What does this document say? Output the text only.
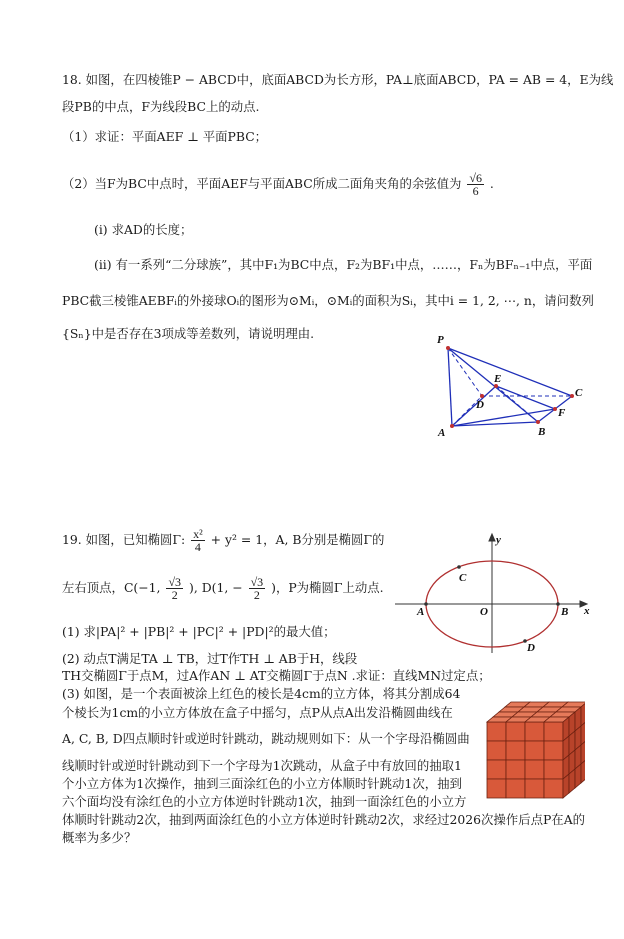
18. 如图，在四棱锥P − ABCD中，底面ABCD为长方形，PA⊥底面ABCD，PA = AB = 4，E为线
段PB的中点，F为线段BC上的动点.
（1）求证：平面AEF ⊥ 平面PBC；
（2）当F为BC中点时，平面AEF与平面ABC所成二面角夹角的余弦值为 $\frac{√6}{6}$ .
(i) 求AD的长度；
(ii) 有一系列“二分球族”，其中F₁为BC中点，F₂为BF₁中点，……，Fₙ为BFₙ₋₁中点，平面
PBC截三棱锥AEBFᵢ的外接球Oᵢ的图形为⊙Mᵢ，⊙Mᵢ的面积为Sᵢ，其中i = 1, 2, ⋯, n，请问数列
{Sₙ}中是否存在3项成等差数列，请说明理由.	P
E
D
C
F
A	B
19. 如图，已知椭圆Γ: $\frac{\text{x²}}{4} + y^2 = 1$，A, B分别是椭圆Γ的
左右顶点，C(−1, $\frac{√3}{2}$ ), D(1, − $\frac{√3}{2}$ )，P为椭圆Γ上动点.
(1) 求|PA|² + |PB|² + |PC|² + |PD|²的最大值；
(2) 动点T满足TA ⊥ TB，过T作TH ⊥ AB于H，线段
TH交椭圆Γ于点M，过A作AN ⊥ AT交椭圆Γ于点N .求证：直线MN过定点；
(3) 如图，是一个表面被涂上红色的棱长是4cm的立方体，将其分割成64
个棱长为1cm的小立方体放在盒子中摇匀，点P从点A出发沿椭圆曲线在
A, C, B, D四点顺时针或逆时针跳动，跳动规则如下：从一个字母沿椭圆曲
线顺时针或逆时针跳动到下一个字母为1次跳动，从盒子中有放回的抽取1
个小立方体为1次操作，抽到三面涂红色的小立方体顺时针跳动1次，抽到
六个面均没有涂红色的小立方体逆时针跳动1次，抽到一面涂红色的小立方
体顺时针跳动2次，抽到两面涂红色的小立方体逆时针跳动2次，求经过2026次操作后点P在A的
概率为多少？
y
x
C
A	O	B
D
